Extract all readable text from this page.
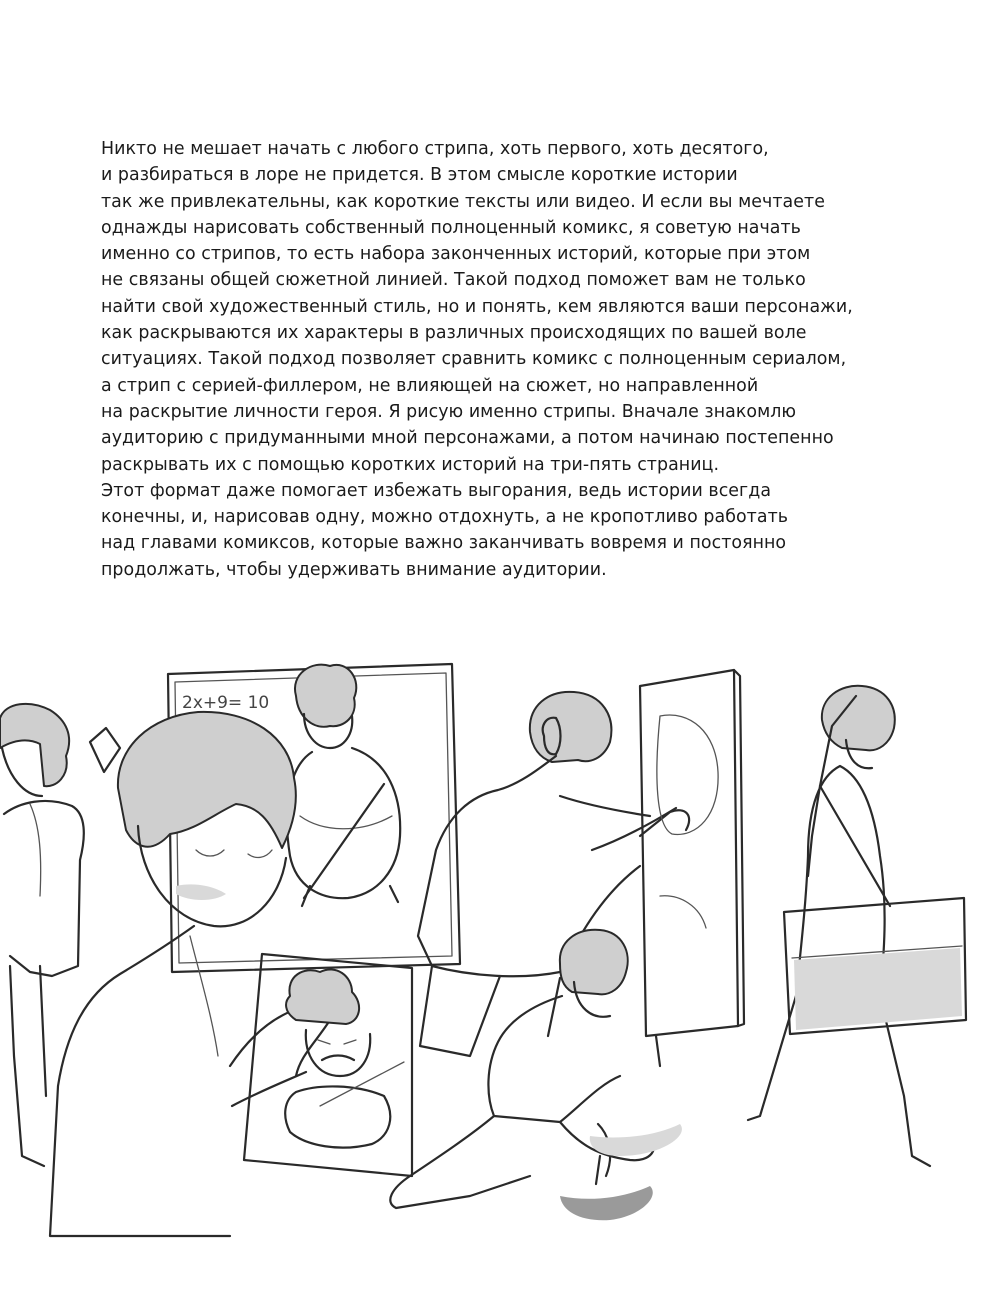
Никто не мешает начать с любого стрипа, хоть первого, хоть десятого,
и разбираться в лоре не придется. В этом смысле короткие истории
так же привлекательны, как короткие тексты или видео. И если вы мечтаете
однажды нарисовать собственный полноценный комикс, я советую начать
именно со стрипов, то есть набора законченных историй, которые при этом
не связаны общей сюжетной линией. Такой подход поможет вам не только
найти свой художественный стиль, но и понять, кем являются ваши персонажи,
как раскрываются их характеры в различных происходящих по вашей воле
ситуациях. Такой подход позволяет сравнить комикс с полноценным сериалом,
а стрип с серией-филлером, не влияющей на сюжет, но направленной
на раскрытие личности героя. Я рисую именно стрипы. Вначале знакомлю
аудиторию с придуманными мной персонажами, а потом начинаю постепенно
раскрывать их с помощью коротких историй на три-пять страниц.
Этот формат даже помогает избежать выгорания, ведь истории всегда
конечны, и, нарисовав одну, можно отдохнуть, а не кропотливо работать
над главами комиксов, которые важно заканчивать вовремя и постоянно
продолжать, чтобы удерживать внимание аудитории.

2x+9= 10
